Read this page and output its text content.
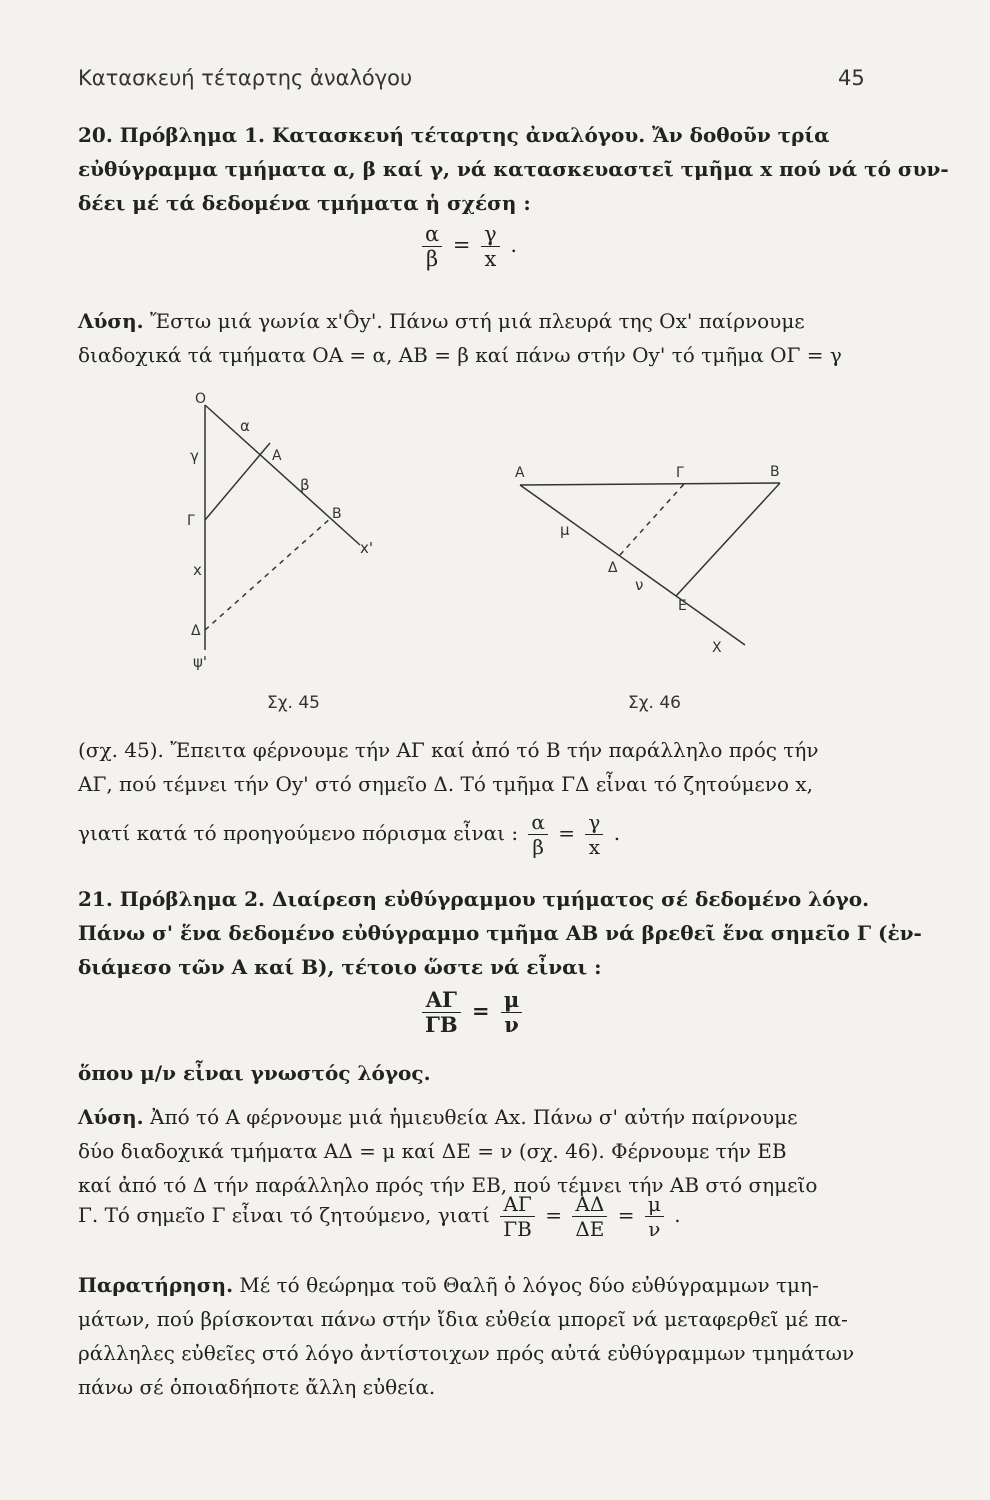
Κατασκευή τέταρτης ἀναλόγου	45
20. Πρόβλημα 1. Κατασκευή τέταρτης ἀναλόγου. Ἄν δοθοῦν τρία
εὐθύγραμμα τμήματα α, β καί γ, νά κατασκευαστεῖ τμῆμα x πού νά τό συν-
δέει μέ τά δεδομένα τμήματα ἡ σχέση :
$\frac{\alpha}{\beta} = \frac{\gamma}{x}$ .
Λύση. Ἔστω μιά γωνία x'Ôy'. Πάνω στή μιά πλευρά της Ox' παίρνουμε
διαδοχικά τά τμήματα ΟΑ = α, ΑΒ = β καί πάνω στήν Oy' τό τμῆμα ΟΓ = γ
O
α
A
β
B
γ
Γ
x
x'
Δ
ψ'
Σχ. 45
A	Γ	B
μ
Δ
ν
E
X
Σχ. 46
(σχ. 45). Ἔπειτα φέρνουμε τήν ΑΓ καί ἀπό τό Β τήν παράλληλο πρός τήν
ΑΓ, πού τέμνει τήν Oy' στό σημεῖο Δ. Τό τμῆμα ΓΔ εἶναι τό ζητούμενο x,
γιατί κατά τό προηγούμενο πόρισμα εἶναι : $\frac{\alpha}{\beta} = \frac{\gamma}{x}$ .
21. Πρόβλημα 2. Διαίρεση εὐθύγραμμου τμήματος σέ δεδομένο λόγο.
Πάνω σ' ἕνα δεδομένο εὐθύγραμμο τμῆμα ΑΒ νά βρεθεῖ ἕνα σημεῖο Γ (ἐν-
διάμεσο τῶν Α καί Β), τέτοιο ὥστε νά εἶναι :
$\frac{A\Gamma}{\Gamma B} = \frac{\mu}{\nu}$
ὅπου μ/ν εἶναι γνωστός λόγος.
Λύση. Ἀπό τό Α φέρνουμε μιά ἡμιευθεία Αx. Πάνω σ' αὐτήν παίρνουμε
δύο διαδοχικά τμήματα ΑΔ = μ καί ΔΕ = ν (σχ. 46). Φέρνουμε τήν ΕΒ
καί ἀπό τό Δ τήν παράλληλο πρός τήν ΕΒ, πού τέμνει τήν ΑΒ στό σημεῖο
Γ. Τό σημεῖο Γ εἶναι τό ζητούμενο, γιατί $\frac{A\Gamma}{\Gamma B} = \frac{A\Delta}{\Delta E} = \frac{\mu}{\nu}$ .
Παρατήρηση. Μέ τό θεώρημα τοῦ Θαλῆ ὁ λόγος δύο εὐθύγραμμων τμη-
μάτων, πού βρίσκονται πάνω στήν ἴδια εὐθεία μπορεῖ νά μεταφερθεῖ μέ πα-
ράλληλες εὐθεῖες στό λόγο ἀντίστοιχων πρός αὐτά εὐθύγραμμων τμημάτων
πάνω σέ ὁποιαδήποτε ἄλλη εὐθεία.
